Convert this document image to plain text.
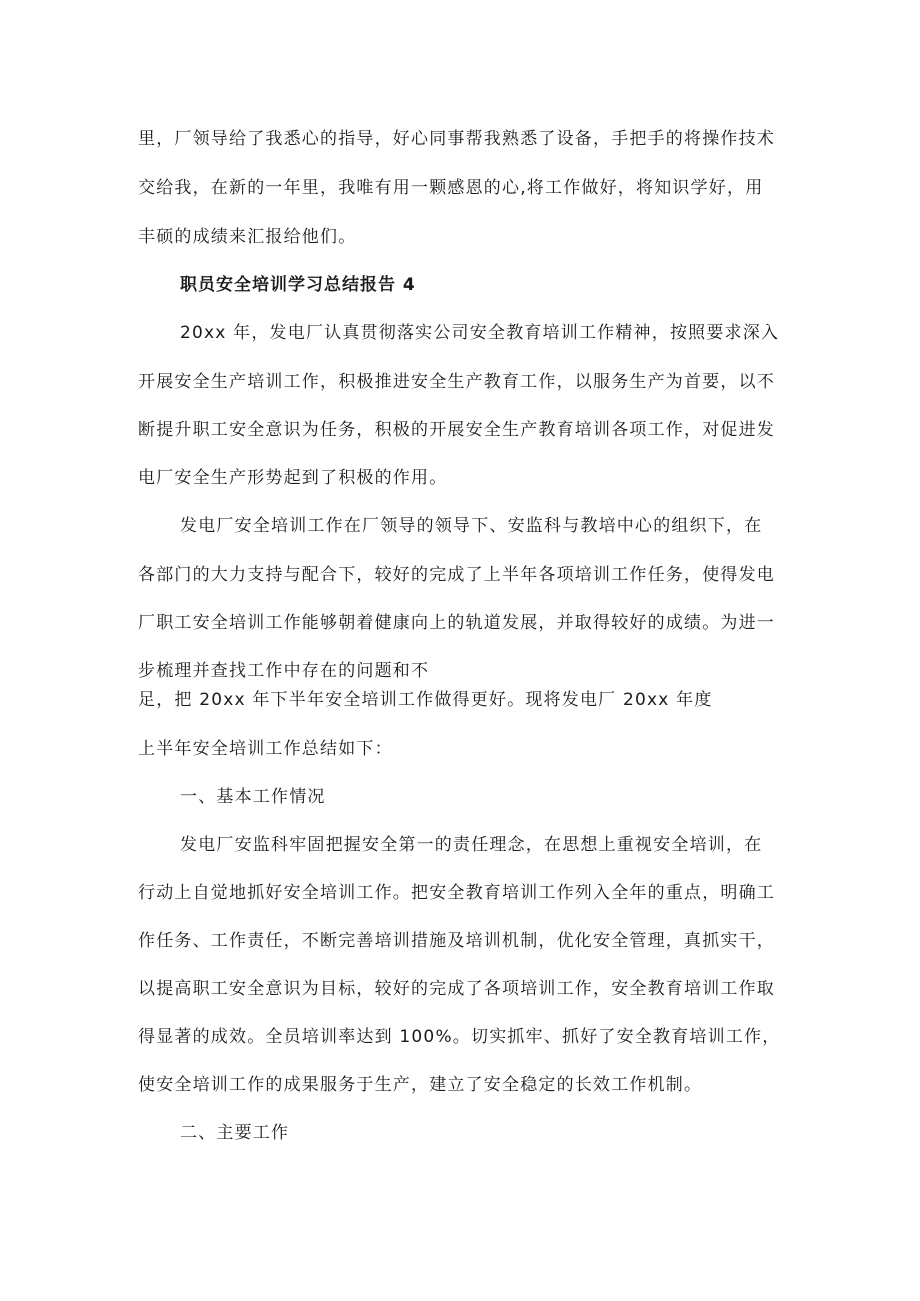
里，厂领导给了我悉心的指导，好心同事帮我熟悉了设备，手把手的将操作技术
交给我，在新的一年里，我唯有用一颗感恩的心,将工作做好，将知识学好，用
丰硕的成绩来汇报给他们。
职员安全培训学习总结报告 4
20xx 年，发电厂认真贯彻落实公司安全教育培训工作精神，按照要求深入
开展安全生产培训工作，积极推进安全生产教育工作，以服务生产为首要，以不
断提升职工安全意识为任务，积极的开展安全生产教育培训各项工作，对促进发
电厂安全生产形势起到了积极的作用。
发电厂安全培训工作在厂领导的领导下、安监科与教培中心的组织下，在
各部门的大力支持与配合下，较好的完成了上半年各项培训工作任务，使得发电
厂职工安全培训工作能够朝着健康向上的轨道发展，并取得较好的成绩。为进一
步梳理并查找工作中存在的问题和不
足，把 20xx 年下半年安全培训工作做得更好。现将发电厂 20xx 年度
上半年安全培训工作总结如下：
一、基本工作情况
发电厂安监科牢固把握安全第一的责任理念，在思想上重视安全培训，在
行动上自觉地抓好安全培训工作。把安全教育培训工作列入全年的重点，明确工
作任务、工作责任，不断完善培训措施及培训机制，优化安全管理，真抓实干，
以提高职工安全意识为目标，较好的完成了各项培训工作，安全教育培训工作取
得显著的成效。全员培训率达到 100%。切实抓牢、抓好了安全教育培训工作，
使安全培训工作的成果服务于生产，建立了安全稳定的长效工作机制。
二、主要工作
